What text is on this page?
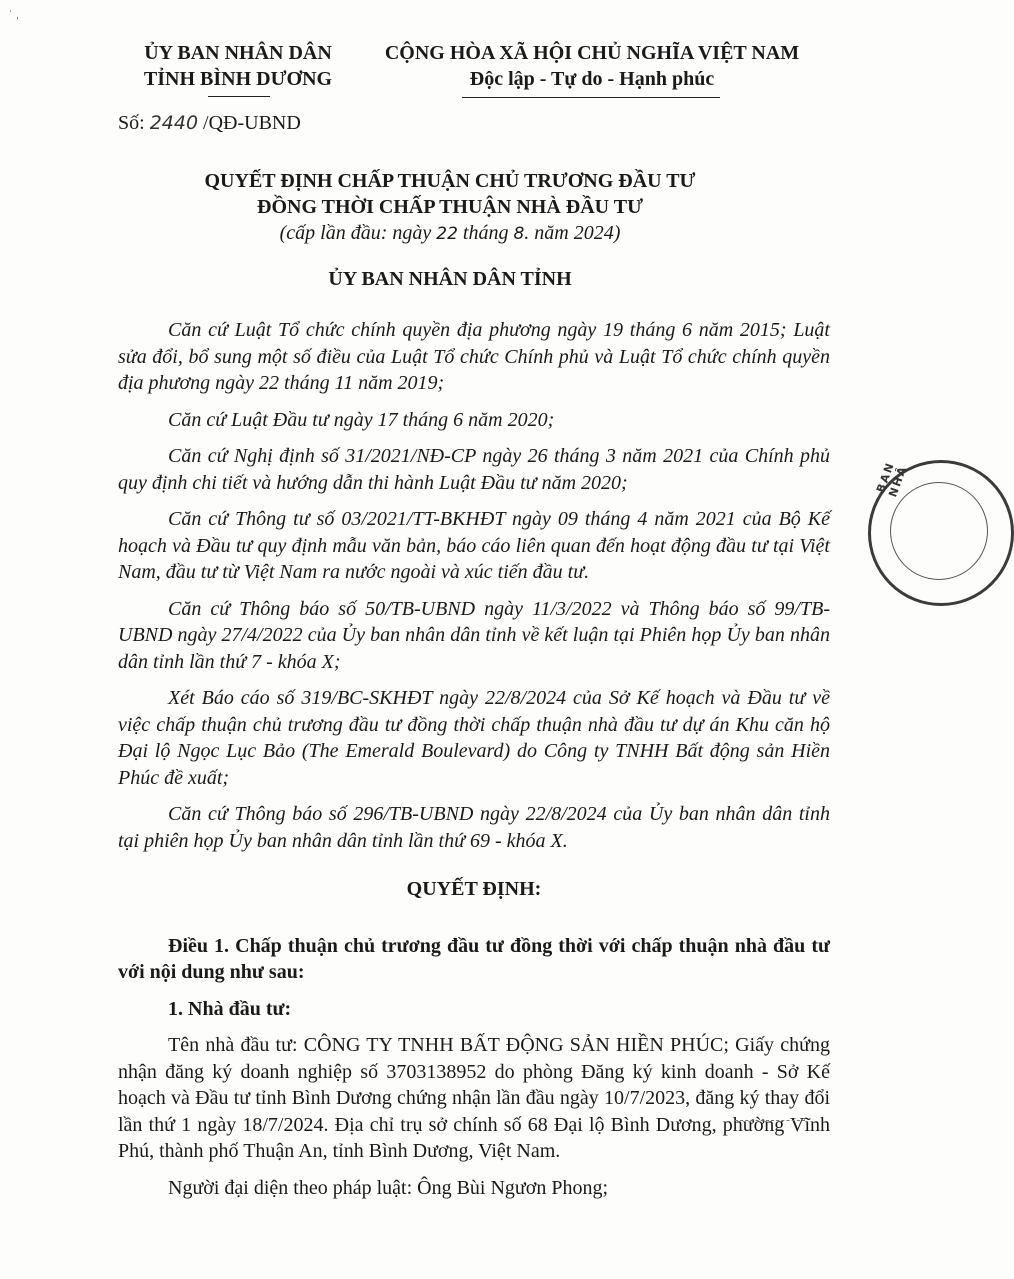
˙ ˌ
ỦY BAN NHÂN DÂN
TỈNH BÌNH DƯƠNG
CỘNG HÒA XÃ HỘI CHỦ NGHĨA VIỆT NAM
Độc lập - Tự do - Hạnh phúc
Số: 2440 /QĐ-UBND
QUYẾT ĐỊNH CHẤP THUẬN CHỦ TRƯƠNG ĐẦU TƯ
ĐỒNG THỜI CHẤP THUẬN NHÀ ĐẦU TƯ
(cấp lần đầu: ngày 22 tháng 8. năm 2024)
ỦY BAN NHÂN DÂN TỈNH

Căn cứ Luật Tổ chức chính quyền địa phương ngày 19 tháng 6 năm 2015; Luật sửa đổi, bổ sung một số điều của Luật Tổ chức Chính phủ và Luật Tổ chức chính quyền địa phương ngày 22 tháng 11 năm 2019;

Căn cứ Luật Đầu tư ngày 17 tháng 6 năm 2020;

Căn cứ Nghị định số 31/2021/NĐ-CP ngày 26 tháng 3 năm 2021 của Chính phủ quy định chi tiết và hướng dẫn thi hành Luật Đầu tư năm 2020;

Căn cứ Thông tư số 03/2021/TT-BKHĐT ngày 09 tháng 4 năm 2021 của Bộ Kế hoạch và Đầu tư quy định mẫu văn bản, báo cáo liên quan đến hoạt động đầu tư tại Việt Nam, đầu tư từ Việt Nam ra nước ngoài và xúc tiến đầu tư.

Căn cứ Thông báo số 50/TB-UBND ngày 11/3/2022 và Thông báo số 99/TB-UBND ngày 27/4/2022 của Ủy ban nhân dân tỉnh về kết luận tại Phiên họp Ủy ban nhân dân tỉnh lần thứ 7 - khóa X;

Xét Báo cáo số 319/BC-SKHĐT ngày 22/8/2024 của Sở Kế hoạch và Đầu tư về việc chấp thuận chủ trương đầu tư đồng thời chấp thuận nhà đầu tư dự án Khu căn hộ Đại lộ Ngọc Lục Bảo (The Emerald Boulevard) do Công ty TNHH Bất động sản Hiền Phúc đề xuất;

Căn cứ Thông báo số 296/TB-UBND ngày 22/8/2024 của Ủy ban nhân dân tỉnh tại phiên họp Ủy ban nhân dân tỉnh lần thứ 69 - khóa X.

QUYẾT ĐỊNH:

Điều 1. Chấp thuận chủ trương đầu tư đồng thời với chấp thuận nhà đầu tư với nội dung như sau:

1. Nhà đầu tư:

Tên nhà đầu tư: CÔNG TY TNHH BẤT ĐỘNG SẢN HIỀN PHÚC; Giấy chứng nhận đăng ký doanh nghiệp số 3703138952 do phòng Đăng ký kinh doanh - Sở Kế hoạch và Đầu tư tỉnh Bình Dương chứng nhận lần đầu ngày 10/7/2023, đăng ký thay đổi lần thứ 1 ngày 18/7/2024. Địa chỉ trụ sở chính số 68 Đại lộ Bình Dương, phường Vĩnh Phú, thành phố Thuận An, tỉnh Bình Dương, Việt Nam.

Người đại diện theo pháp luật: Ông Bùi Ngươn Phong;

BAN NHÂ
